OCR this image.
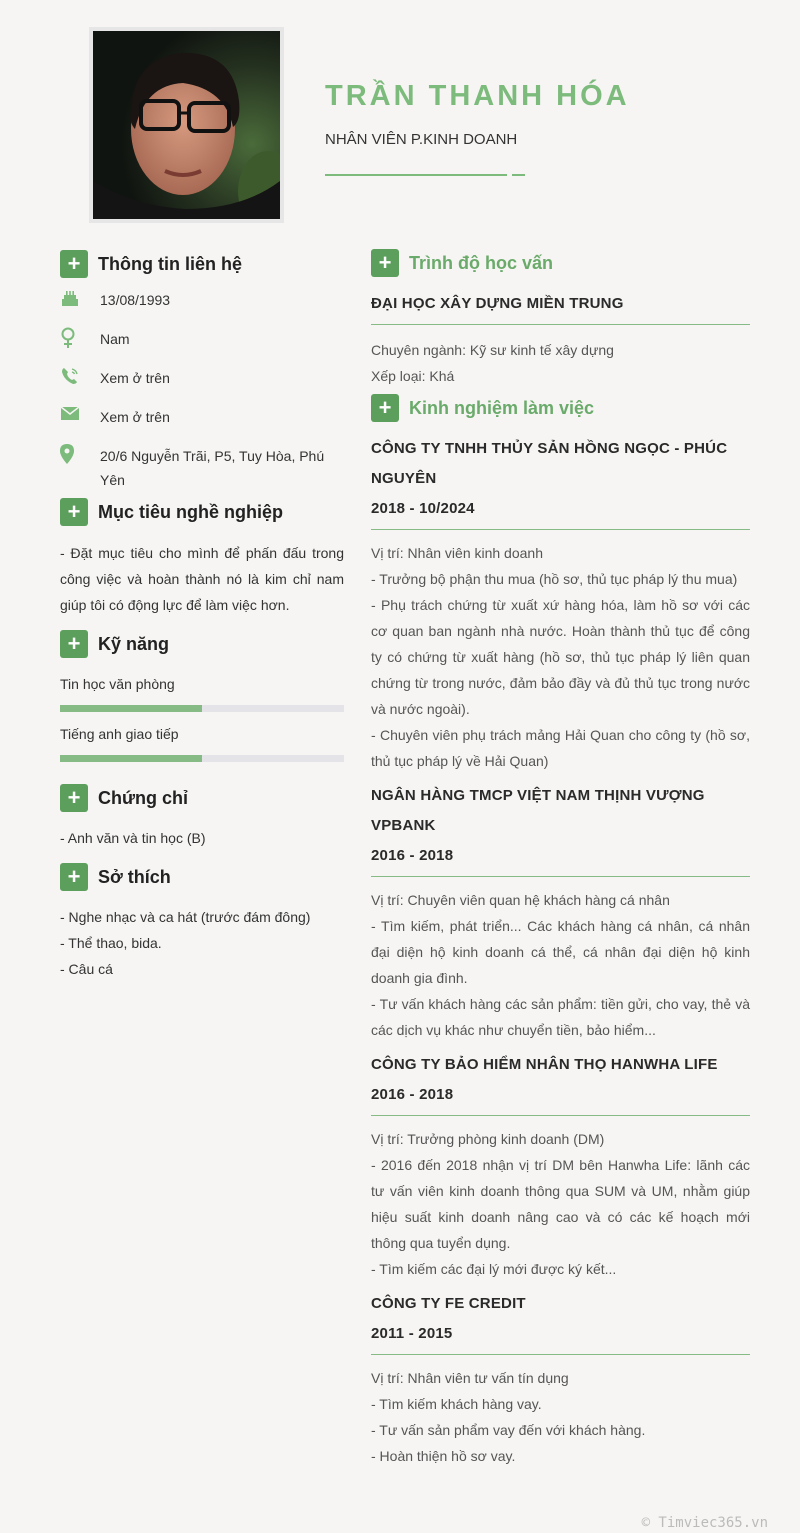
TRẦN THANH HÓA
NHÂN VIÊN P.KINH DOANH
+ Thông tin liên hệ
13/08/1993
Nam
Xem ở trên
Xem ở trên
20/6 Nguyễn Trãi, P5, Tuy Hòa, Phú Yên
+ Mục tiêu nghề nghiệp

- Đặt mục tiêu cho mình để phấn đấu trong công việc và hoàn thành nó là kim chỉ nam giúp tôi có động lực để làm việc hơn.

+ Kỹ năng
Tin học văn phòng
Tiếng anh giao tiếp
+ Chứng chỉ
- Anh văn và tin học (B)
+ Sở thích
- Nghe nhạc và ca hát (trước đám đông)
- Thể thao, bida.
- Câu cá
+ Trình độ học vấn
ĐẠI HỌC XÂY DỰNG MIỀN TRUNG

Chuyên ngành: Kỹ sư kinh tế xây dựng

Xếp loại: Khá

+ Kinh nghiệm làm việc
CÔNG TY TNHH THỦY SẢN HỒNG NGỌC - PHÚC NGUYÊN
2018 - 10/2024

Vị trí: Nhân viên kinh doanh

- Trưởng bộ phận thu mua (hồ sơ, thủ tục pháp lý thu mua)

- Phụ trách chứng từ xuất xứ hàng hóa, làm hồ sơ với các cơ quan ban ngành nhà nước. Hoàn thành thủ tục để công ty có chứng từ xuất hàng (hồ sơ, thủ tục pháp lý liên quan chứng từ trong nước, đảm bảo đầy và đủ thủ tục trong nước và nước ngoài).

- Chuyên viên phụ trách mảng Hải Quan cho công ty (hồ sơ, thủ tục pháp lý về Hải Quan)

NGÂN HÀNG TMCP VIỆT NAM THỊNH VƯỢNG VPBANK
2016 - 2018

Vị trí: Chuyên viên quan hệ khách hàng cá nhân

- Tìm kiếm, phát triển... Các khách hàng cá nhân, cá nhân đại diện hộ kinh doanh cá thể, cá nhân đại diện hộ kinh doanh gia đình.

- Tư vấn khách hàng các sản phẩm: tiền gửi, cho vay, thẻ và các dịch vụ khác như chuyển tiền, bảo hiểm...

CÔNG TY BẢO HIỂM NHÂN THỌ HANWHA LIFE
2016 - 2018

Vị trí: Trưởng phòng kinh doanh (DM)

- 2016 đến 2018 nhận vị trí DM bên Hanwha Life: lãnh các tư vấn viên kinh doanh thông qua SUM và UM, nhằm giúp hiệu suất kinh doanh nâng cao và có các kế hoạch mới thông qua tuyển dụng.

- Tìm kiếm các đại lý mới được ký kết...

CÔNG TY FE CREDIT
2011 - 2015

Vị trí: Nhân viên tư vấn tín dụng

- Tìm kiếm khách hàng vay.

- Tư vấn sản phẩm vay đến với khách hàng.

- Hoàn thiện hồ sơ vay.

© Timviec365.vn
